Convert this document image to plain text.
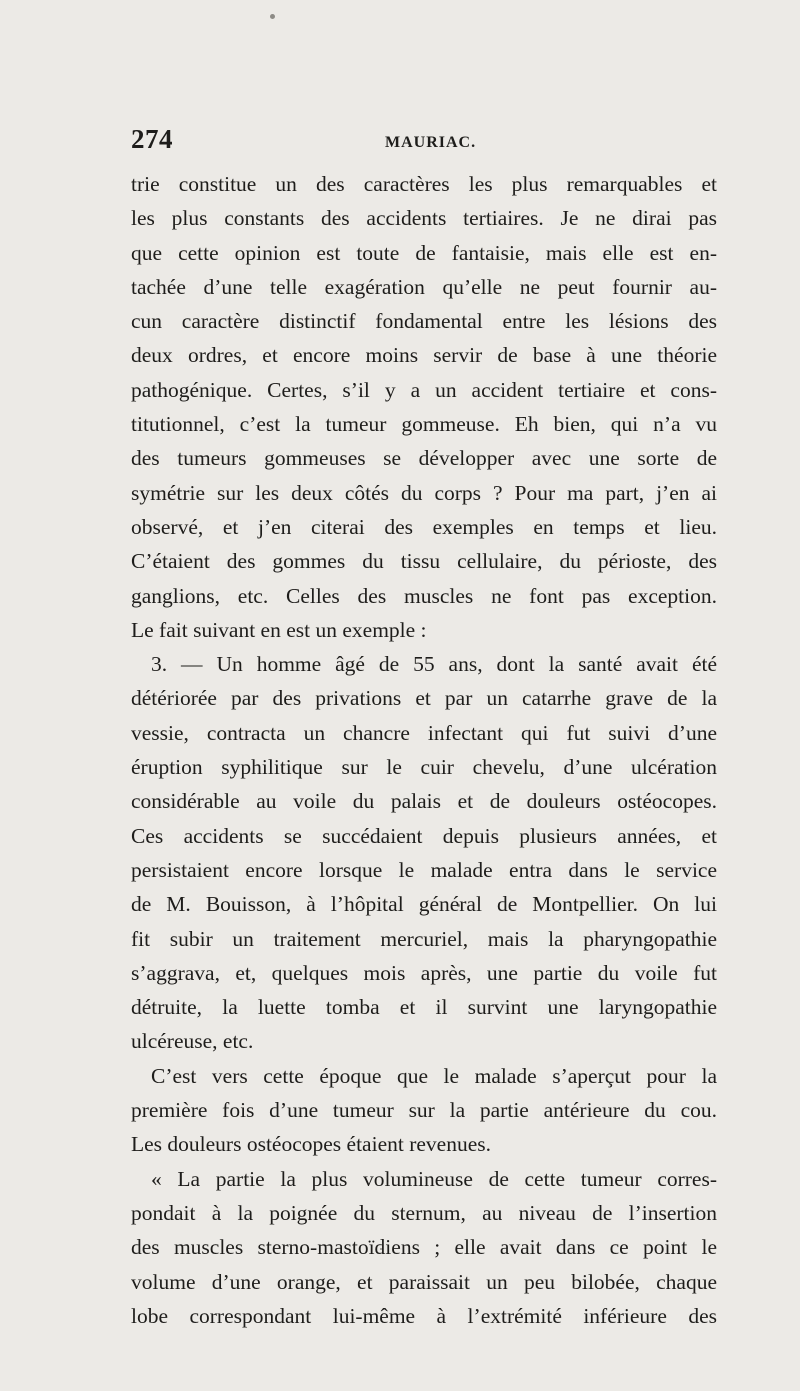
274	MAURIAC.
trie constitue un des caractères les plus remarquables et
les plus constants des accidents tertiaires. Je ne dirai pas
que cette opinion est toute de fantaisie, mais elle est en-
tachée d’une telle exagération qu’elle ne peut fournir au-
cun caractère distinctif fondamental entre les lésions des
deux ordres, et encore moins servir de base à une théorie
pathogénique. Certes, s’il y a un accident tertiaire et cons-
titutionnel, c’est la tumeur gommeuse. Eh bien, qui n’a vu
des tumeurs gommeuses se développer avec une sorte de
symétrie sur les deux côtés du corps ? Pour ma part, j’en ai
observé, et j’en citerai des exemples en temps et lieu.
C’étaient des gommes du tissu cellulaire, du périoste, des
ganglions, etc. Celles des muscles ne font pas exception.
Le fait suivant en est un exemple :
3. — Un homme âgé de 55 ans, dont la santé avait été
détériorée par des privations et par un catarrhe grave de la
vessie, contracta un chancre infectant qui fut suivi d’une
éruption syphilitique sur le cuir chevelu, d’une ulcération
considérable au voile du palais et de douleurs ostéocopes.
Ces accidents se succédaient depuis plusieurs années, et
persistaient encore lorsque le malade entra dans le service
de M. Bouisson, à l’hôpital général de Montpellier. On lui
fit subir un traitement mercuriel, mais la pharyngopathie
s’aggrava, et, quelques mois après, une partie du voile fut
détruite, la luette tomba et il survint une laryngopathie
ulcéreuse, etc.
C’est vers cette époque que le malade s’aperçut pour la
première fois d’une tumeur sur la partie antérieure du cou.
Les douleurs ostéocopes étaient revenues.
« La partie la plus volumineuse de cette tumeur corres-
pondait à la poignée du sternum, au niveau de l’insertion
des muscles sterno-mastoïdiens ; elle avait dans ce point le
volume d’une orange, et paraissait un peu bilobée, chaque
lobe correspondant lui-même à l’extrémité inférieure des
